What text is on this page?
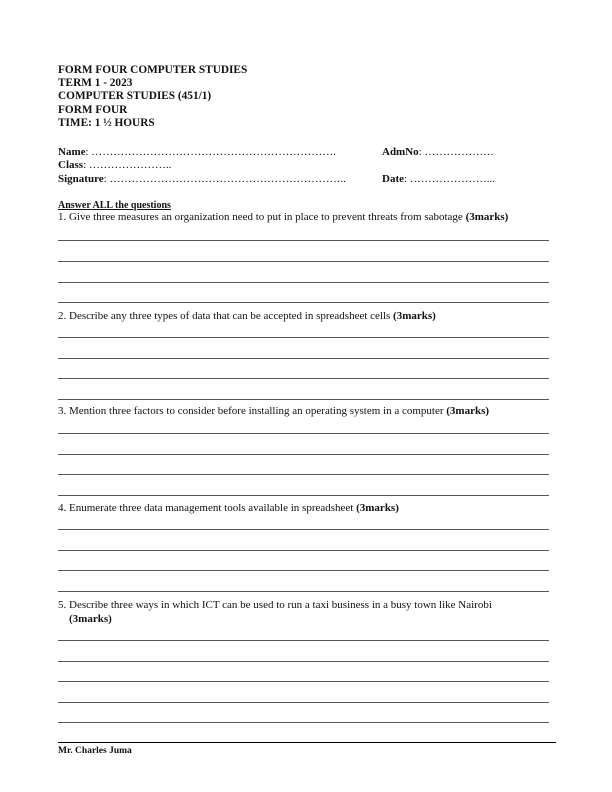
FORM FOUR COMPUTER STUDIES
TERM 1 - 2023
COMPUTER STUDIES (451/1)
FORM FOUR
TIME: 1 ½ HOURS
Name: ………………………………………………………….	AdmNo: ……………….
Class: …………………..
Signature: ………………………………………………………..	Date: …………………...
Answer ALL the questions
1. Give three measures an organization need to put in place to prevent threats from sabotage (3marks)
2. Describe any three types of data that can be accepted in spreadsheet cells (3marks)
3. Mention three factors to consider before installing an operating system in a computer (3marks)
4. Enumerate three data management tools available in spreadsheet (3marks)
5. Describe three ways in which ICT can be used to run a taxi business in a busy town like Nairobi
(3marks)
Mr. Charles Juma
